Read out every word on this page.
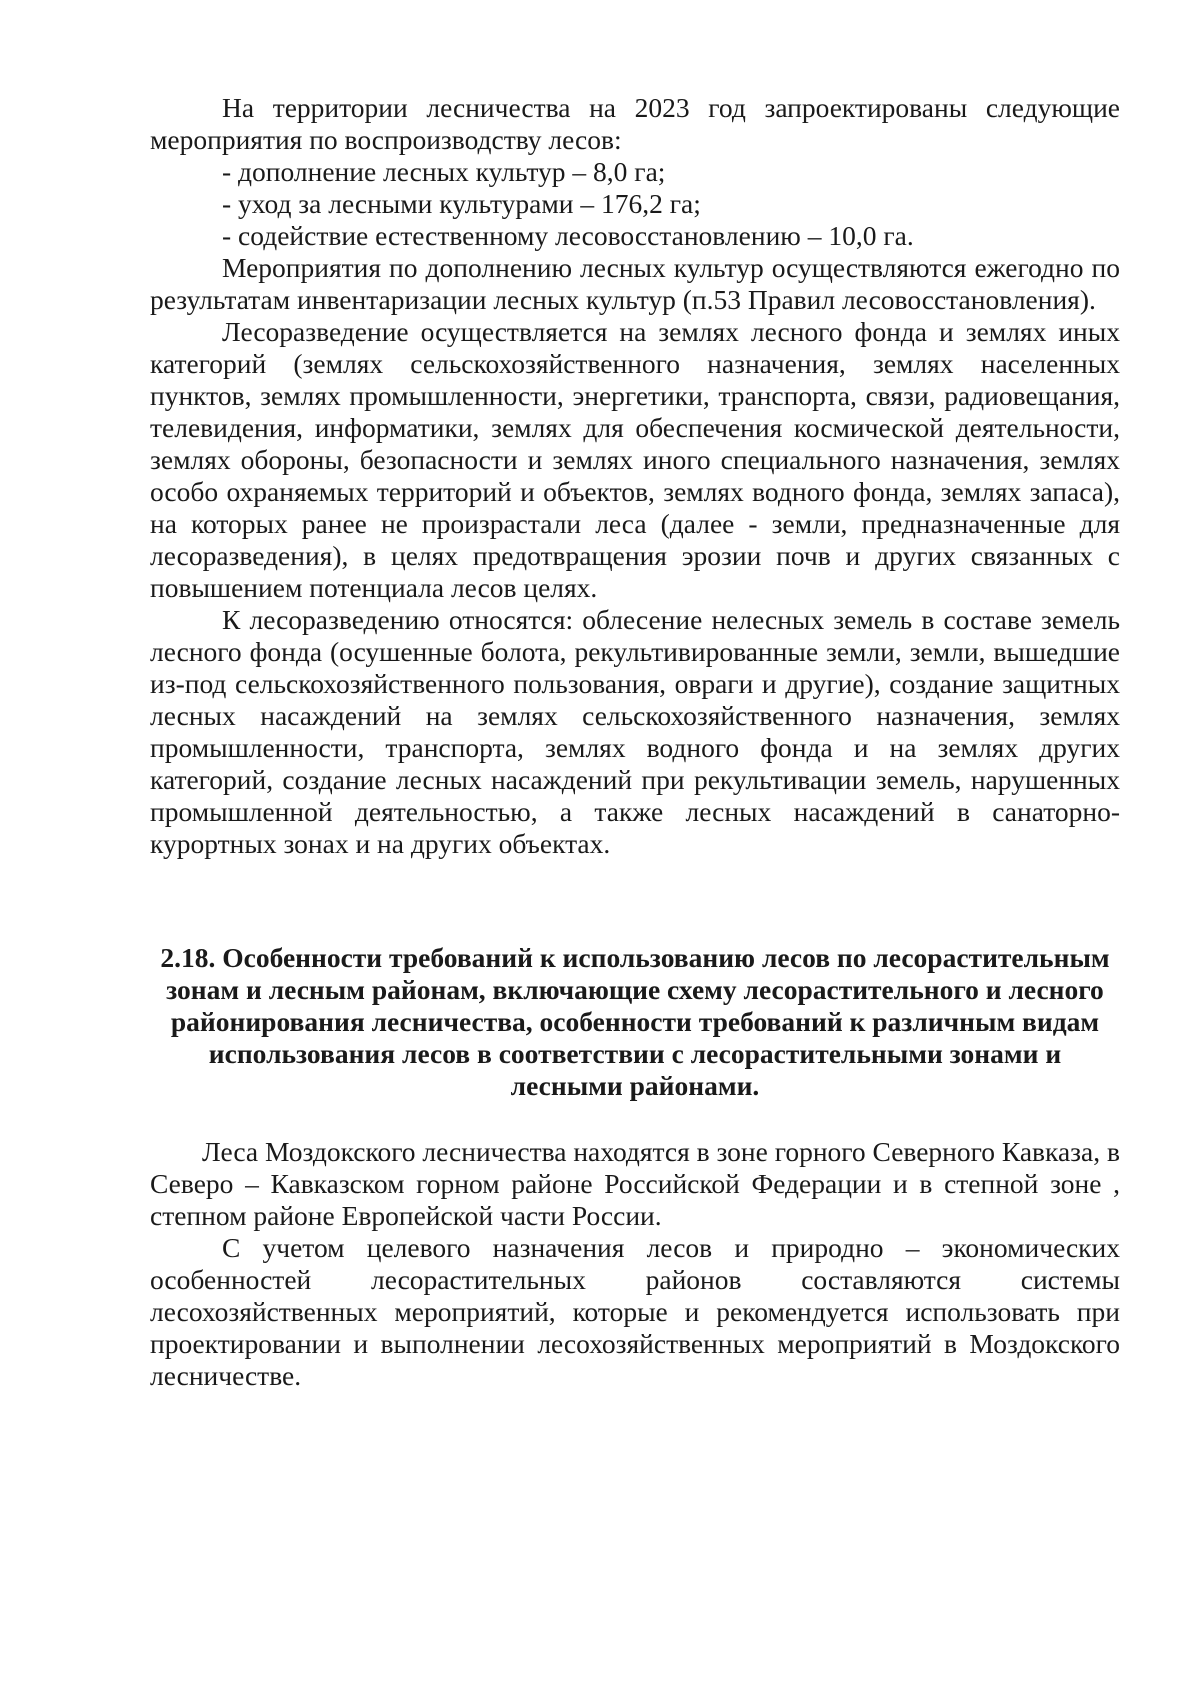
На территории лесничества на 2023 год запроектированы следующие мероприятия по воспроизводству лесов:

- дополнение лесных культур – 8,0 га;

- уход за лесными культурами – 176,2 га;

- содействие естественному лесовосстановлению – 10,0 га.

Мероприятия по дополнению лесных культур осуществляются ежегодно по результатам инвентаризации лесных культур (п.53 Правил лесовосстановления).

Лесоразведение осуществляется на землях лесного фонда и землях иных категорий (землях сельскохозяйственного назначения, землях населенных пунктов, землях промышленности, энергетики, транспорта, связи, радиовещания, телевидения, информатики, землях для обеспечения космической деятельности, землях обороны, безопасности и землях иного специального назначения, землях особо охраняемых территорий и объектов, землях водного фонда, землях запаса), на которых ранее не произрастали леса (далее - земли, предназначенные для лесоразведения), в целях предотвращения эрозии почв и других связанных с повышением потенциала лесов целях.

К лесоразведению относятся: облесение нелесных земель в составе земель лесного фонда (осушенные болота, рекультивированные земли, земли, вышедшие из-под сельскохозяйственного пользования, овраги и другие), создание защитных лесных насаждений на землях сельскохозяйственного назначения, землях промышленности, транспорта, землях водного фонда и на землях других категорий, создание лесных насаждений при рекультивации земель, нарушенных промышленной деятельностью, а также лесных насаждений в санаторно-курортных зонах и на других объектах.

2.18. Особенности требований к использованию лесов по лесорастительным зонам и лесным районам, включающие схему лесорастительного и лесного районирования лесничества, особенности требований к различным видам использования лесов в соответствии с лесорастительными зонами и лесными районами.

Леса Моздокского лесничества находятся в зоне горного Северного Кавказа, в Северо – Кавказском горном районе Российской Федерации и в степной зоне , степном районе Европейской части России.

С учетом целевого назначения лесов и природно – экономических особенностей лесорастительных районов составляются системы лесохозяйственных мероприятий, которые и рекомендуется использовать при проектировании и выполнении лесохозяйственных мероприятий в Моздокского лесничестве.
